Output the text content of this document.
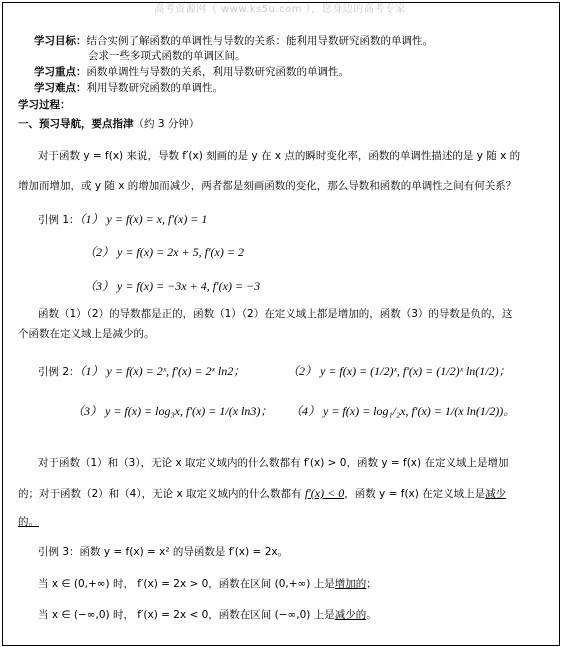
高考资源网（ www.ks5u.com ），您身边的高考专家
学习目标：结合实例了解函数的单调性与导数的关系：能利用导数研究函数的单调性。
会求一些多项式函数的单调区间。
学习重点：函数单调性与导数的关系，利用导数研究函数的单调性。
学习难点：利用导数研究函数的单调性。
学习过程：
一、预习导航，要点指津（约 3 分钟）
对于函数 y = f(x) 来说，导数 f′(x) 刻画的是 y 在 x 点的瞬时变化率，函数的单调性描述的是 y 随 x 的
增加而增加，或 y 随 x 的增加而减少，两者都是刻画函数的变化，那么导数和函数的单调性之间有何关系？
引例 1：（1） y = f(x) = x, f′(x) = 1
（2） y = f(x) = 2x + 5, f′(x) = 2
（3） y = f(x) = −3x + 4, f′(x) = −3
函数（1）（2）的导数都是正的，函数（1）（2）在定义域上都是增加的，函数（3）的导数是负的，这
个函数在定义域上是减少的。
引例 2：（1） y = f(x) = 2ˣ, f′(x) = 2ˣ ln2；	（2） y = f(x) = (1/2)ˣ, f′(x) = (1/2)ˣ ln(1/2)；
（3） y = f(x) = log₃x, f′(x) = 1/(x ln3)； （4） y = f(x) = log₁/₂x, f′(x) = 1/(x ln(1/2))。
对于函数（1）和（3），无论 x 取定义域内的什么数都有 f′(x) > 0，函数 y = f(x) 在定义域上是增加
的；对于函数（2）和（4），无论 x 取定义域内的什么数都有 f′(x) < 0，函数 y = f(x) 在定义域上是减少
的。
引例 3：函数 y = f(x) = x² 的导函数是 f′(x) = 2x。
当 x ∈ (0,+∞) 时， f′(x) = 2x > 0，函数在区间 (0,+∞) 上是增加的；
当 x ∈ (−∞,0) 时， f′(x) = 2x < 0，函数在区间 (−∞,0) 上是减少的。
